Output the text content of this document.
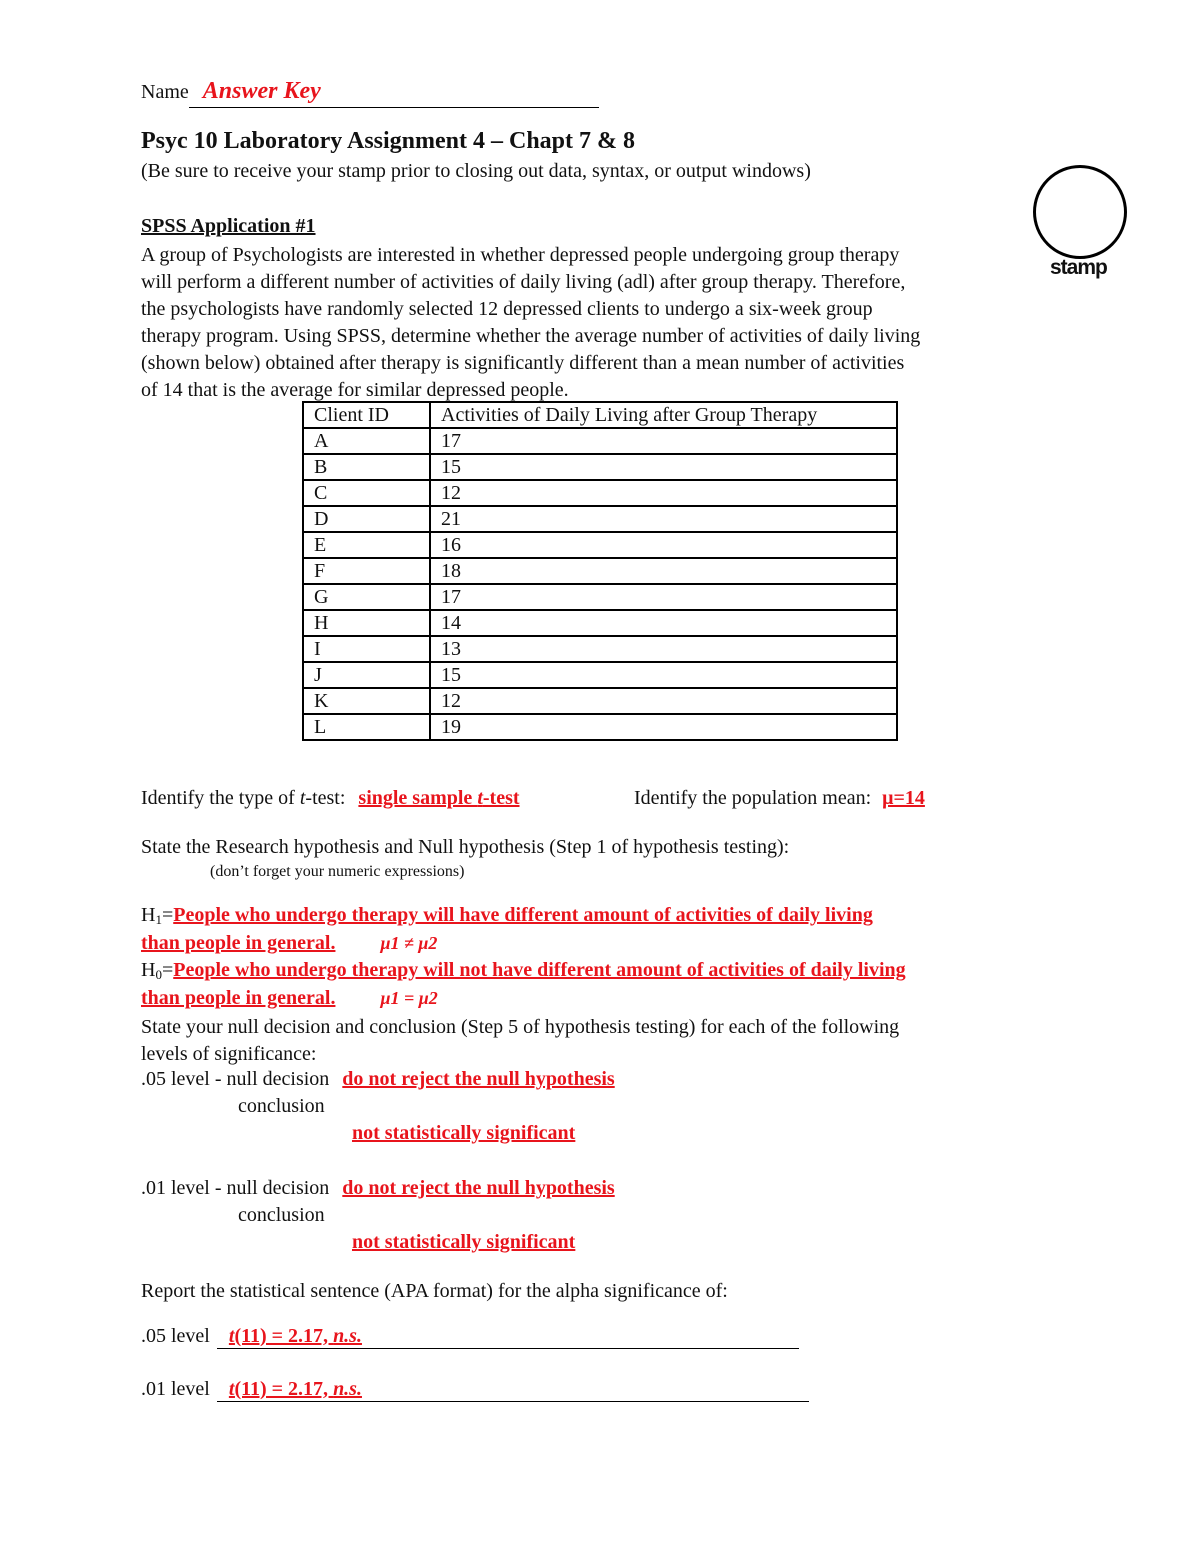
Name Answer Key
Psyc 10 Laboratory Assignment 4 – Chapt 7 & 8
(Be sure to receive your stamp prior to closing out data, syntax, or output windows)
stamp
SPSS Application #1
A group of Psychologists are interested in whether depressed people undergoing group therapy
will perform a different number of activities of daily living (adl) after group therapy. Therefore,
the psychologists have randomly selected 12 depressed clients to undergo a six-week group
therapy program. Using SPSS, determine whether the average number of activities of daily living
(shown below) obtained after therapy is significantly different than a mean number of activities
of 14 that is the average for similar depressed people.
Client ID	Activities of Daily Living after Group Therapy
A	17
B	15
C	12
D	21
E	16
F	18
G	17
H	14
I	13
J	15
K	12
L	19
Identify the type of t-test: single sample t-test	Identify the population mean: μ=14
State the Research hypothesis and Null hypothesis (Step 1 of hypothesis testing):
(don’t forget your numeric expressions)
$H_1=People$ who undergo therapy will have different amount of activities of daily living
than people in general.	μ1 ≠ μ2
$H_0=People$ who undergo therapy will not have different amount of activities of daily living
than people in general.	μ1 = μ2
State your null decision and conclusion (Step 5 of hypothesis testing) for each of the following
levels of significance:
.05 level - null decision do not reject the null hypothesis
conclusion
not statistically significant
.01 level - null decision do not reject the null hypothesis
conclusion
not statistically significant
Report the statistical sentence (APA format) for the alpha significance of:
.05 level t(11) = 2.17, n.s.
.01 level t(11) = 2.17, n.s.
